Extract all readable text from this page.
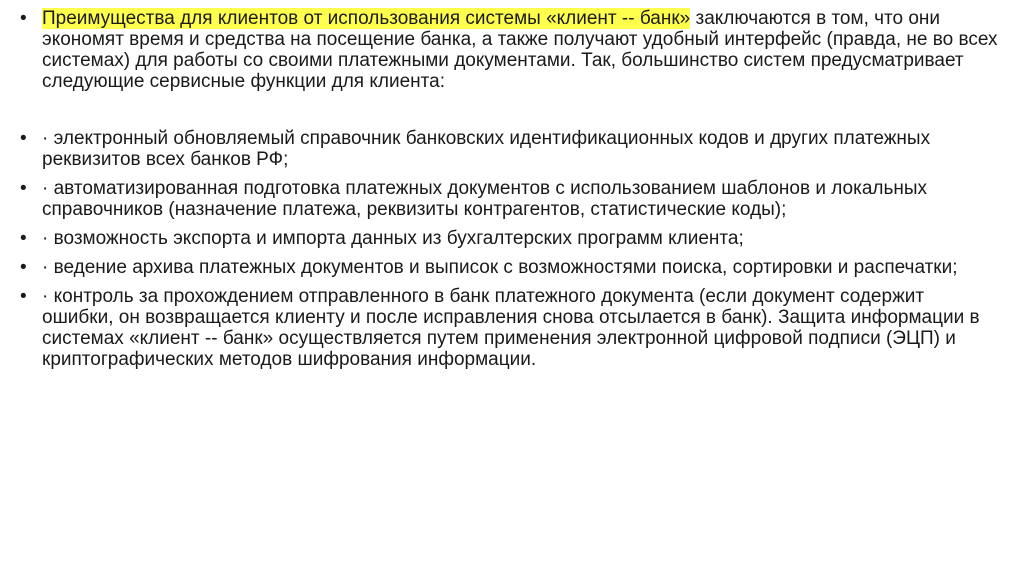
• Преимущества для клиентов от использования системы «клиент -- банк» заключаются в том, что они экономят время и средства на посещение банка, а также получают удобный интерфейс (правда, не во всех системах) для работы со своими платежными документами. Так, большинство систем предусматривает следующие сервисные функции для клиента:
• · электронный обновляемый справочник банковских идентификационных кодов и других платежных реквизитов всех банков РФ;
• · автоматизированная подготовка платежных документов с использованием шаблонов и локальных справочников (назначение платежа, реквизиты контрагентов, статистические коды);
• · возможность экспорта и импорта данных из бухгалтерских программ клиента;
• · ведение архива платежных документов и выписок с возможностями поиска, сортировки и распечатки;
• · контроль за прохождением отправленного в банк платежного документа (если документ содержит ошибки, он возвращается клиенту и после исправления снова отсылается в банк). Защита информации в системах «клиент -- банк» осуществляется путем применения электронной цифровой подписи (ЭЦП) и криптографических методов шифрования информации.
